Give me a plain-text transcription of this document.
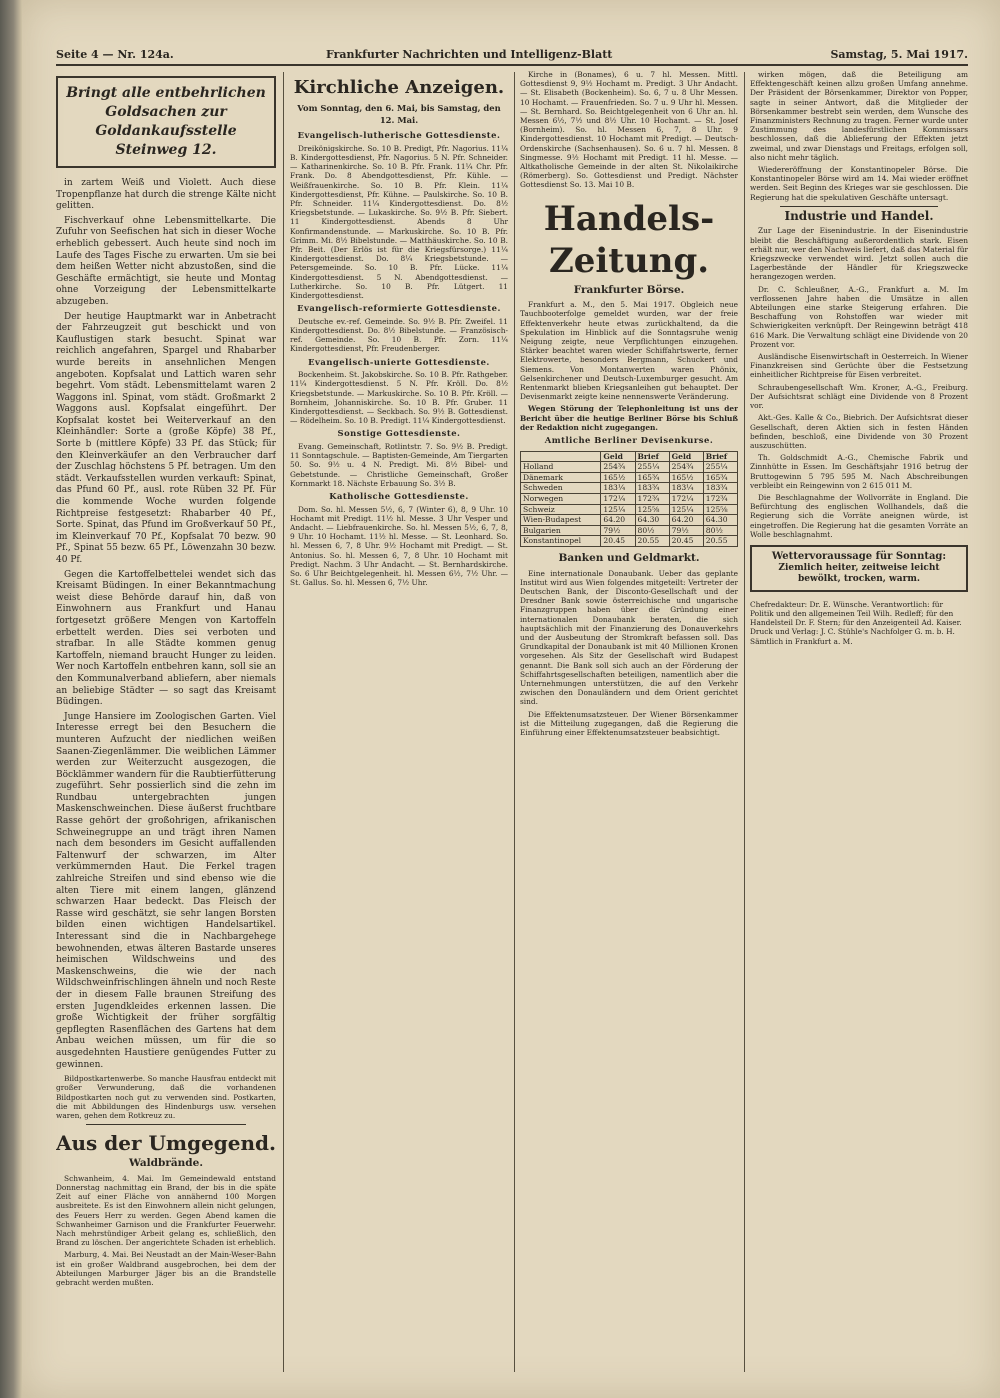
Seite 4 — Nr. 124a.	Frankfurter Nachrichten und Intelligenz-Blatt	Samstag, 5. Mai 1917.
Bringt alle entbehrlichen Goldsachen zur Goldankaufsstelle Steinweg 12.

in zartem Weiß und Violett. Auch diese Tropenpflanze hat durch die strenge Kälte nicht gelitten.

Fischverkauf ohne Lebensmittelkarte. Die Zufuhr von Seefischen hat sich in dieser Woche erheblich gebessert. Auch heute sind noch im Laufe des Tages Fische zu erwarten. Um sie bei dem heißen Wetter nicht abzustoßen, sind die Geschäfte ermächtigt, sie heute und Montag ohne Vorzeigung der Lebensmittelkarte abzugeben.

Der heutige Hauptmarkt war in Anbetracht der Fahrzeugzeit gut beschickt und von Kauflustigen stark besucht. Spinat war reichlich angefahren, Spargel und Rhabarber wurde bereits in ansehnlichen Mengen angeboten. Kopfsalat und Lattich waren sehr begehrt. Vom städt. Lebensmittelamt waren 2 Waggons inl. Spinat, vom städt. Großmarkt 2 Waggons ausl. Kopfsalat eingeführt. Der Kopfsalat kostet bei Weiterverkauf an den Kleinhändler: Sorte a (große Köpfe) 38 Pf., Sorte b (mittlere Köpfe) 33 Pf. das Stück; für den Kleinverkäufer an den Verbraucher darf der Zuschlag höchstens 5 Pf. betragen. Um den städt. Verkaufsstellen wurden verkauft: Spinat, das Pfund 60 Pf., ausl. rote Rüben 32 Pf. Für die kommende Woche wurden folgende Richtpreise festgesetzt: Rhabarber 40 Pf., Sorte. Spinat, das Pfund im Großverkauf 50 Pf., im Kleinverkauf 70 Pf., Kopfsalat 70 bezw. 90 Pf., Spinat 55 bezw. 65 Pf., Löwenzahn 30 bezw. 40 Pf.

Gegen die Kartoffelbettelei wendet sich das Kreisamt Büdingen. In einer Bekanntmachung weist diese Behörde darauf hin, daß von Einwohnern aus Frankfurt und Hanau fortgesetzt größere Mengen von Kartoffeln erbettelt werden. Dies sei verboten und strafbar. In alle Städte kommen genug Kartoffeln, niemand braucht Hunger zu leiden. Wer noch Kartoffeln entbehren kann, soll sie an den Kommunalverband abliefern, aber niemals an beliebige Städter — so sagt das Kreisamt Büdingen.

Junge Hansiere im Zoologischen Garten. Viel Interesse erregt bei den Besuchern die munteren Aufzucht der niedlichen weißen Saanen-Ziegenlämmer. Die weiblichen Lämmer werden zur Weiterzucht ausgezogen, die Böcklämmer wandern für die Raubtierfütterung zugeführt. Sehr possierlich sind die zehn im Rundbau untergebrachten jungen Maskenschweinchen. Diese äußerst fruchtbare Rasse gehört der großohrigen, afrikanischen Schweinegruppe an und trägt ihren Namen nach dem besonders im Gesicht auffallenden Faltenwurf der schwarzen, im Alter verkümmernden Haut. Die Ferkel tragen zahlreiche Streifen und sind ebenso wie die alten Tiere mit einem langen, glänzend schwarzen Haar bedeckt. Das Fleisch der Rasse wird geschätzt, sie sehr langen Borsten bilden einen wichtigen Handelsartikel. Interessant sind die in Nachbargehege bewohnenden, etwas älteren Bastarde unseres heimischen Wildschweins und des Maskenschweins, die wie der nach Wildschweinfrischlingen ähneln und noch Reste der in diesem Falle braunen Streifung des ersten Jugendkleides erkennen lassen. Die große Wichtigkeit der früher sorgfältig gepflegten Rasenflächen des Gartens hat dem Anbau weichen müssen, um für die so ausgedehnten Haustiere genügendes Futter zu gewinnen.

Bildpostkartenwerbe. So manche Hausfrau entdeckt mit großer Verwunderung, daß die vorhandenen Bildpostkarten noch gut zu verwenden sind. Postkarten, die mit Abbildungen des Hindenburgs usw. versehen waren, gehen dem Rotkreuz zu.

Aus der Umgegend.
Waldbrände.

Schwanheim, 4. Mai. Im Gemeindewald entstand Donnerstag nachmittag ein Brand, der bis in die späte Zeit auf einer Fläche von annähernd 100 Morgen ausbreitete. Es ist den Einwohnern allein nicht gelungen, des Feuers Herr zu werden. Gegen Abend kamen die Schwanheimer Garnison und die Frankfurter Feuerwehr. Nach mehrstündiger Arbeit gelang es, schließlich, den Brand zu löschen. Der angerichtete Schaden ist erheblich.

Marburg, 4. Mai. Bei Neustadt an der Main-Weser-Bahn ist ein großer Waldbrand ausgebrochen, bei dem der Abteilungen Marburger Jäger bis an die Brandstelle gebracht werden mußten.

Kirchliche Anzeigen.
Vom Sonntag, den 6. Mai, bis Samstag, den 12. Mai.
Evangelisch-lutherische Gottesdienste.

Dreikönigskirche. So. 10 B. Predigt, Pfr. Nagorius. 11¼ B. Kindergottesdienst, Pfr. Nagorius. 5 N. Pfr. Schneider. — Katharinenkirche. So. 10 B. Pfr. Frank. 11¼ Chr. Pfr. Frank. Do. 8 Abendgottesdienst, Pfr. Kühle. — Weißfrauenkirche. So. 10 B. Pfr. Klein. 11¼ Kindergottesdienst, Pfr. Kühne. — Paulskirche. So. 10 B. Pfr. Schneider. 11¼ Kindergottesdienst. Do. 8½ Kriegsbetstunde. — Lukaskirche. So. 9½ B. Pfr. Siebert. 11 Kindergottesdienst. Abends 8 Uhr Konfirmandenstunde. — Markuskirche. So. 10 B. Pfr. Grimm. Mi. 8½ Bibelstunde. — Matthäuskirche. So. 10 B. Pfr. Beit. (Der Erlös ist für die Kriegsfürsorge.) 11¼ Kindergottesdienst. Do. 8¼ Kriegsbetstunde. — Petersgemeinde. So. 10 B. Pfr. Lücke. 11¼ Kindergottesdienst. 5 N. Abendgottesdienst. — Lutherkirche. So. 10 B. Pfr. Lütgert. 11 Kindergottesdienst.

Evangelisch-reformierte Gottesdienste.

Deutsche ev.-ref. Gemeinde. So. 9½ B. Pfr. Zweifel. 11 Kindergottesdienst. Do. 8½ Bibelstunde. — Französisch-ref. Gemeinde. So. 10 B. Pfr. Zorn. 11¼ Kindergottesdienst, Pfr. Freudenberger.

Evangelisch-unierte Gottesdienste.

Bockenheim. St. Jakobskirche. So. 10 B. Pfr. Rathgeber. 11¼ Kindergottesdienst. 5 N. Pfr. Kröll. Do. 8½ Kriegsbetstunde. — Markuskirche. So. 10 B. Pfr. Kröll. — Bornheim, Johanniskirche. So. 10 B. Pfr. Gruber. 11 Kindergottesdienst. — Seckbach. So. 9½ B. Gottesdienst. — Rödelheim. So. 10 B. Predigt. 11¼ Kindergottesdienst.

Sonstige Gottesdienste.

Evang. Gemeinschaft, Rotlintstr. 7. So. 9½ B. Predigt. 11 Sonntagschule. — Baptisten-Gemeinde, Am Tiergarten 50. So. 9½ u. 4 N. Predigt. Mi. 8½ Bibel- und Gebetstunde. — Christliche Gemeinschaft, Großer Kornmarkt 18. Nächste Erbauung So. 3½ B.

Katholische Gottesdienste.

Dom. So. hl. Messen 5½, 6, 7 (Winter 6), 8, 9 Uhr. 10 Hochamt mit Predigt. 11½ hl. Messe. 3 Uhr Vesper und Andacht. — Liebfrauenkirche. So. hl. Messen 5½, 6, 7, 8, 9 Uhr. 10 Hochamt. 11½ hl. Messe. — St. Leonhard. So. hl. Messen 6, 7, 8 Uhr. 9½ Hochamt mit Predigt. — St. Antonius. So. hl. Messen 6, 7, 8 Uhr. 10 Hochamt mit Predigt. Nachm. 3 Uhr Andacht. — St. Bernhardskirche. So. 6 Uhr Beichtgelegenheit. hl. Messen 6½, 7½ Uhr. — St. Gallus. So. hl. Messen 6, 7½ Uhr.

Kirche in (Bonames), 6 u. 7 hl. Messen. Mittl. Gottesdienst 9, 9½ Hochamt m. Predigt. 3 Uhr Andacht. — St. Elisabeth (Bockenheim). So. 6, 7 u. 8 Uhr Messen. 10 Hochamt. — Frauenfrieden. So. 7 u. 9 Uhr hl. Messen. — St. Bernhard. So. Beichtgelegenheit von 6 Uhr an. hl. Messen 6½, 7½ und 8½ Uhr. 10 Hochamt. — St. Josef (Bornheim). So. hl. Messen 6, 7, 8 Uhr. 9 Kindergottesdienst. 10 Hochamt mit Predigt. — Deutsch-Ordenskirche (Sachsenhausen). So. 6 u. 7 hl. Messen. 8 Singmesse. 9½ Hochamt mit Predigt. 11 hl. Messe. — Altkatholische Gemeinde in der alten St. Nikolaikirche (Römerberg). So. Gottesdienst und Predigt. Nächster Gottesdienst So. 13. Mai 10 B.

Handels-Zeitung.
Frankfurter Börse.

Frankfurt a. M., den 5. Mai 1917. Obgleich neue Tauchbooterfolge gemeldet wurden, war der freie Effektenverkehr heute etwas zurückhaltend, da die Spekulation im Hinblick auf die Sonntagsruhe wenig Neigung zeigte, neue Verpflichtungen einzugehen. Stärker beachtet waren wieder Schiffahrtswerte, ferner Elektrowerte, besonders Bergmann, Schuckert und Siemens. Von Montanwerten waren Phönix, Gelsenkirchener und Deutsch-Luxemburger gesucht. Am Rentenmarkt blieben Kriegsanleihen gut behauptet. Der Devisenmarkt zeigte keine nennenswerte Veränderung.

Wegen Störung der Telephonleitung ist uns der Bericht über die heutige Berliner Börse bis Schluß der Redaktion nicht zugegangen.

Amtliche Berliner Devisenkurse.
	Geld	Brief	Geld	Brief
Holland	254¾	255¼	254¾	255¼
Dänemark	165½	165¾	165½	165¾
Schweden	183¼	183¾	183¼	183¾
Norwegen	172¼	172¾	172¼	172¾
Schweiz	125¼	125⅝	125¼	125⅝
Wien-Budapest	64.20	64.30	64.20	64.30
Bulgarien	79½	80½	79½	80½
Konstantinopel	20.45	20.55	20.45	20.55
Banken und Geldmarkt.

Eine internationale Donaubank. Ueber das geplante Institut wird aus Wien folgendes mitgeteilt: Vertreter der Deutschen Bank, der Disconto-Gesellschaft und der Dresdner Bank sowie österreichische und ungarische Finanzgruppen haben über die Gründung einer internationalen Donaubank beraten, die sich hauptsächlich mit der Finanzierung des Donauverkehrs und der Ausbeutung der Stromkraft befassen soll. Das Grundkapital der Donaubank ist mit 40 Millionen Kronen vorgesehen. Als Sitz der Gesellschaft wird Budapest genannt. Die Bank soll sich auch an der Förderung der Schiffahrtsgesellschaften beteiligen, namentlich aber die Unternehmungen unterstützen, die auf den Verkehr zwischen den Donauländern und dem Orient gerichtet sind.

Die Effektenumsatzsteuer. Der Wiener Börsenkammer ist die Mitteilung zugegangen, daß die Regierung die Einführung einer Effektenumsatzsteuer beabsichtigt.

wirken mögen, daß die Beteiligung am Effektengeschäft keinen allzu großen Umfang annehme. Der Präsident der Börsenkammer, Direktor von Popper, sagte in seiner Antwort, daß die Mitglieder der Börsenkammer bestrebt sein werden, dem Wunsche des Finanzministers Rechnung zu tragen. Ferner wurde unter Zustimmung des landesfürstlichen Kommissars beschlossen, daß die Ablieferung der Effekten jetzt zweimal, und zwar Dienstags und Freitags, erfolgen soll, also nicht mehr täglich.

Wiedereröffnung der Konstantinopeler Börse. Die Konstantinopeler Börse wird am 14. Mai wieder eröffnet werden. Seit Beginn des Krieges war sie geschlossen. Die Regierung hat die spekulativen Geschäfte untersagt.

Industrie und Handel.

Zur Lage der Eisenindustrie. In der Eisenindustrie bleibt die Beschäftigung außerordentlich stark. Eisen erhält nur, wer den Nachweis liefert, daß das Material für Kriegszwecke verwendet wird. Jetzt sollen auch die Lagerbestände der Händler für Kriegszwecke herangezogen werden.

Dr. C. Schleußner, A.-G., Frankfurt a. M. Im verflossenen Jahre haben die Umsätze in allen Abteilungen eine starke Steigerung erfahren. Die Beschaffung von Rohstoffen war wieder mit Schwierigkeiten verknüpft. Der Reingewinn beträgt 418 616 Mark. Die Verwaltung schlägt eine Dividende von 20 Prozent vor.

Ausländische Eisenwirtschaft in Oesterreich. In Wiener Finanzkreisen sind Gerüchte über die Festsetzung einheitlicher Richtpreise für Eisen verbreitet.

Schraubengesellschaft Wm. Kroner, A.-G., Freiburg. Der Aufsichtsrat schlägt eine Dividende von 8 Prozent vor.

Akt.-Ges. Kalle & Co., Biebrich. Der Aufsichtsrat dieser Gesellschaft, deren Aktien sich in festen Händen befinden, beschloß, eine Dividende von 30 Prozent auszuschütten.

Th. Goldschmidt A.-G., Chemische Fabrik und Zinnhütte in Essen. Im Geschäftsjahr 1916 betrug der Bruttogewinn 5 795 595 M. Nach Abschreibungen verbleibt ein Reingewinn von 2 615 011 M.

Die Beschlagnahme der Wollvorräte in England. Die Befürchtung des englischen Wollhandels, daß die Regierung sich die Vorräte aneignen würde, ist eingetroffen. Die Regierung hat die gesamten Vorräte an Wolle beschlagnahmt.

Wettervoraussage für Sonntag:
Ziemlich heiter, zeitweise leicht bewölkt, trocken, warm.
Chefredakteur: Dr. E. Wünsche. Verantwortlich: für Politik und den allgemeinen Teil Wilh. Redleff; für den Handelsteil Dr. F. Stern; für den Anzeigenteil Ad. Kaiser. Druck und Verlag: J. C. Stühle's Nachfolger G. m. b. H. Sämtlich in Frankfurt a. M.
